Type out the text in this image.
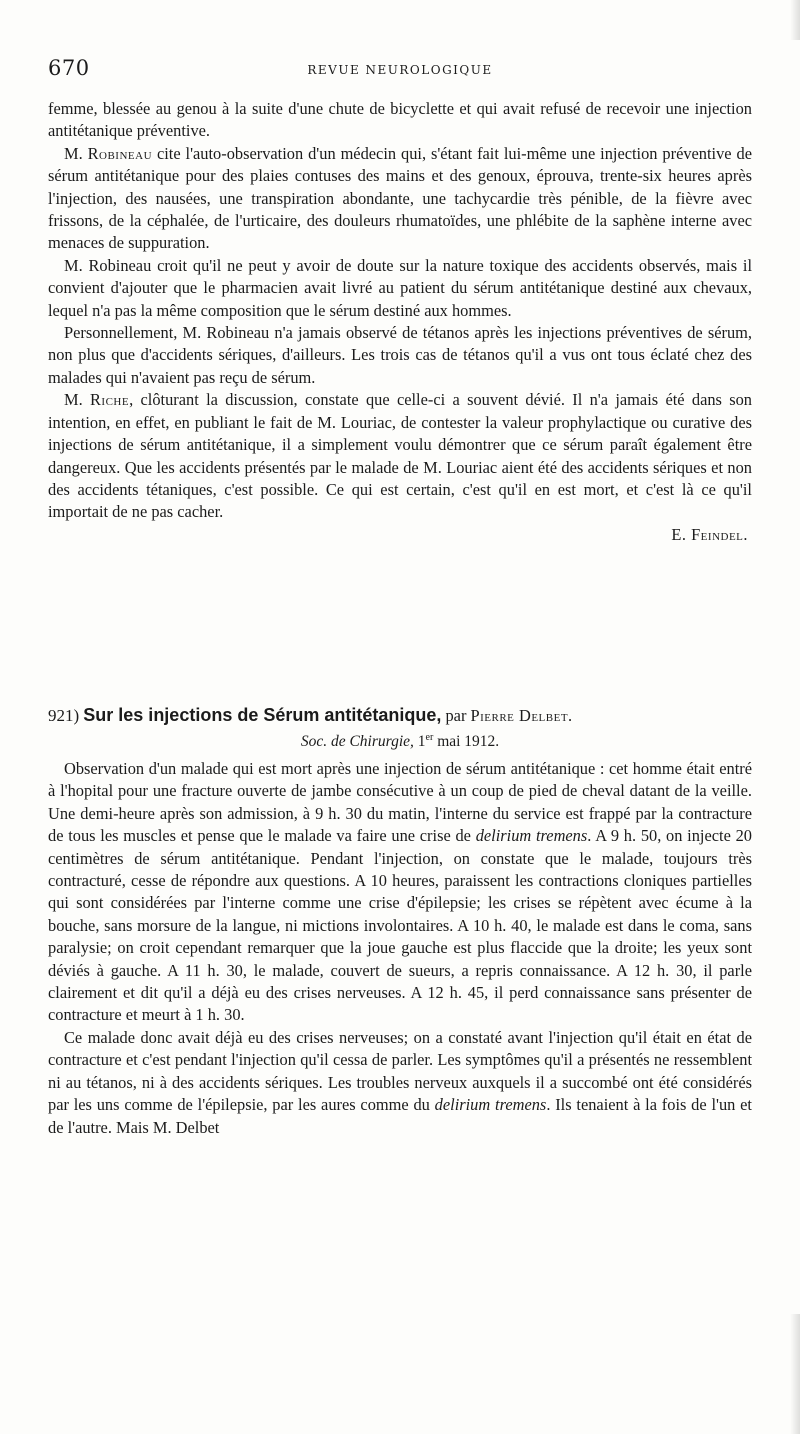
670	REVUE NEUROLOGIQUE

femme, blessée au genou à la suite d'une chute de bicyclette et qui avait refusé de recevoir une injection antitétanique préventive.

M. Robineau cite l'auto-observation d'un médecin qui, s'étant fait lui-même une injection préventive de sérum antitétanique pour des plaies contuses des mains et des genoux, éprouva, trente-six heures après l'injection, des nausées, une transpiration abondante, une tachycardie très pénible, de la fièvre avec frissons, de la céphalée, de l'urticaire, des douleurs rhumatoïdes, une phlébite de la saphène interne avec menaces de suppuration.

M. Robineau croit qu'il ne peut y avoir de doute sur la nature toxique des accidents observés, mais il convient d'ajouter que le pharmacien avait livré au patient du sérum antitétanique destiné aux chevaux, lequel n'a pas la même composition que le sérum destiné aux hommes.

Personnellement, M. Robineau n'a jamais observé de tétanos après les injections préventives de sérum, non plus que d'accidents sériques, d'ailleurs. Les trois cas de tétanos qu'il a vus ont tous éclaté chez des malades qui n'avaient pas reçu de sérum.

M. Riche, clôturant la discussion, constate que celle-ci a souvent dévié. Il n'a jamais été dans son intention, en effet, en publiant le fait de M. Louriac, de contester la valeur prophylactique ou curative des injections de sérum antitétanique, il a simplement voulu démontrer que ce sérum paraît également être dangereux. Que les accidents présentés par le malade de M. Louriac aient été des accidents sériques et non des accidents tétaniques, c'est possible. Ce qui est certain, c'est qu'il en est mort, et c'est là ce qu'il importait de ne pas cacher.

E. Feindel.

921) Sur les injections de Sérum antitétanique, par Pierre Delbet.
Soc. de Chirurgie, 1er mai 1912.

Observation d'un malade qui est mort après une injection de sérum antitétanique : cet homme était entré à l'hopital pour une fracture ouverte de jambe consécutive à un coup de pied de cheval datant de la veille. Une demi-heure après son admission, à 9 h. 30 du matin, l'interne du service est frappé par la contracture de tous les muscles et pense que le malade va faire une crise de delirium tremens. A 9 h. 50, on injecte 20 centimètres de sérum antitétanique. Pendant l'injection, on constate que le malade, toujours très contracturé, cesse de répondre aux questions. A 10 heures, paraissent les contractions cloniques partielles qui sont considérées par l'interne comme une crise d'épilepsie; les crises se répètent avec écume à la bouche, sans morsure de la langue, ni mictions involontaires. A 10 h. 40, le malade est dans le coma, sans paralysie; on croit cependant remarquer que la joue gauche est plus flaccide que la droite; les yeux sont déviés à gauche. A 11 h. 30, le malade, couvert de sueurs, a repris connaissance. A 12 h. 30, il parle clairement et dit qu'il a déjà eu des crises nerveuses. A 12 h. 45, il perd connaissance sans présenter de contracture et meurt à 1 h. 30.

Ce malade donc avait déjà eu des crises nerveuses; on a constaté avant l'injection qu'il était en état de contracture et c'est pendant l'injection qu'il cessa de parler. Les symptômes qu'il a présentés ne ressemblent ni au tétanos, ni à des accidents sériques. Les troubles nerveux auxquels il a succombé ont été considérés par les uns comme de l'épilepsie, par les aures comme du delirium tremens. Ils tenaient à la fois de l'un et de l'autre. Mais M. Delbet
